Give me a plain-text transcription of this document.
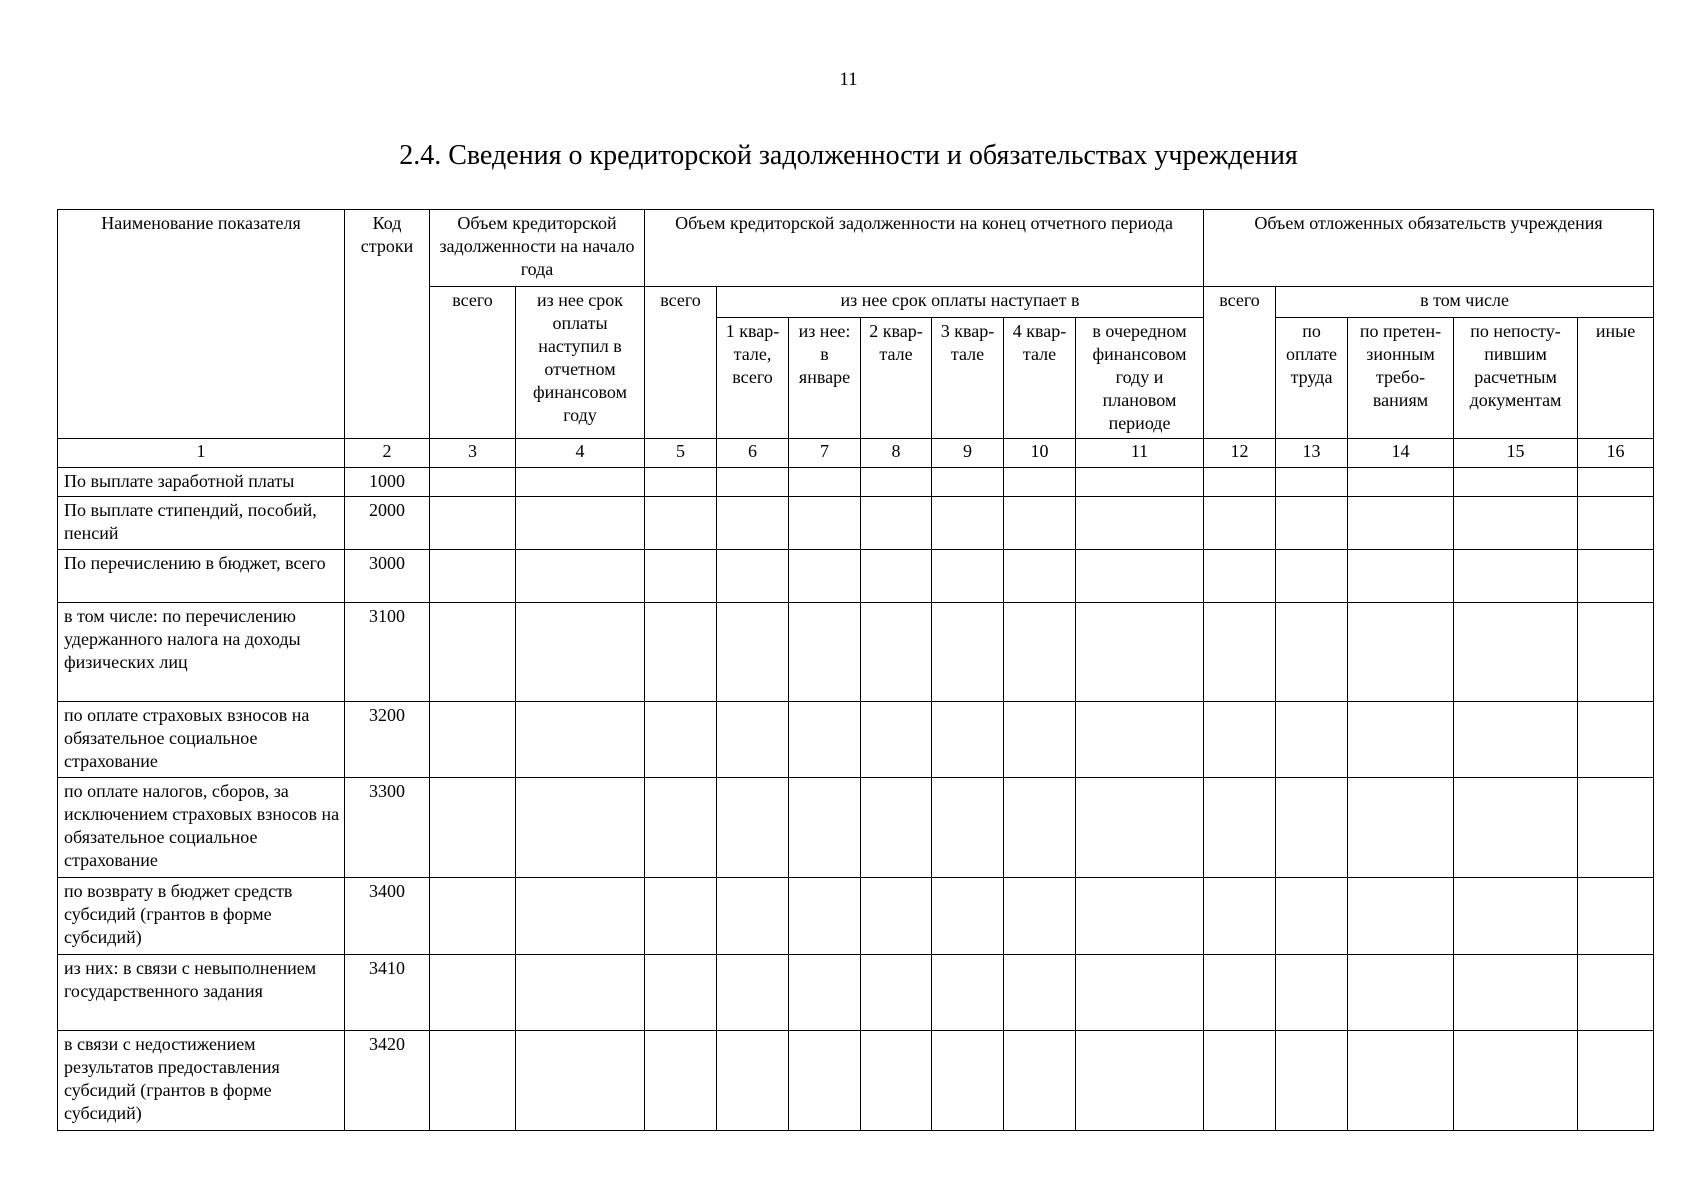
11
2.4. Сведения о кредиторской задолженности и обязательствах учреждения
Наименование показателя	Код строки	Объем кредиторской задолженности на начало года		Объем кредиторской задолженности на конец отчетного периода							Объем отложенных обязательств учреждения				
		всего	из нее срок оплаты наступил в отчетном финансовом году	всего	из нее срок оплаты наступает в						всего	в том числе			
					1 квар-тале, всего	из нее: в январе	2 квар-тале	3 квар-тале	4 квар-тале	в очередном финансовом году и плановом периоде		по оплате труда	по претен-зионным требо-ваниям	по непосту-пившим расчетным документам	иные
1	2	3	4	5	6	7	8	9	10	11	12	13	14	15	16
По выплате заработной платы	1000														
По выплате стипендий, пособий, пенсий	2000														
По перечислению в бюджет, всего	3000														
в том числе: по перечислению удержанного налога на доходы физических лиц	3100														
по оплате страховых взносов на обязательное социальное страхование	3200														
по оплате налогов, сборов, за исключением страховых взносов на обязательное социальное страхование	3300														
по возврату в бюджет средств субсидий (грантов в форме субсидий)	3400														
из них: в связи с невыполнением государственного задания	3410														
в связи с недостижением результатов предоставления субсидий (грантов в форме субсидий)	3420														
